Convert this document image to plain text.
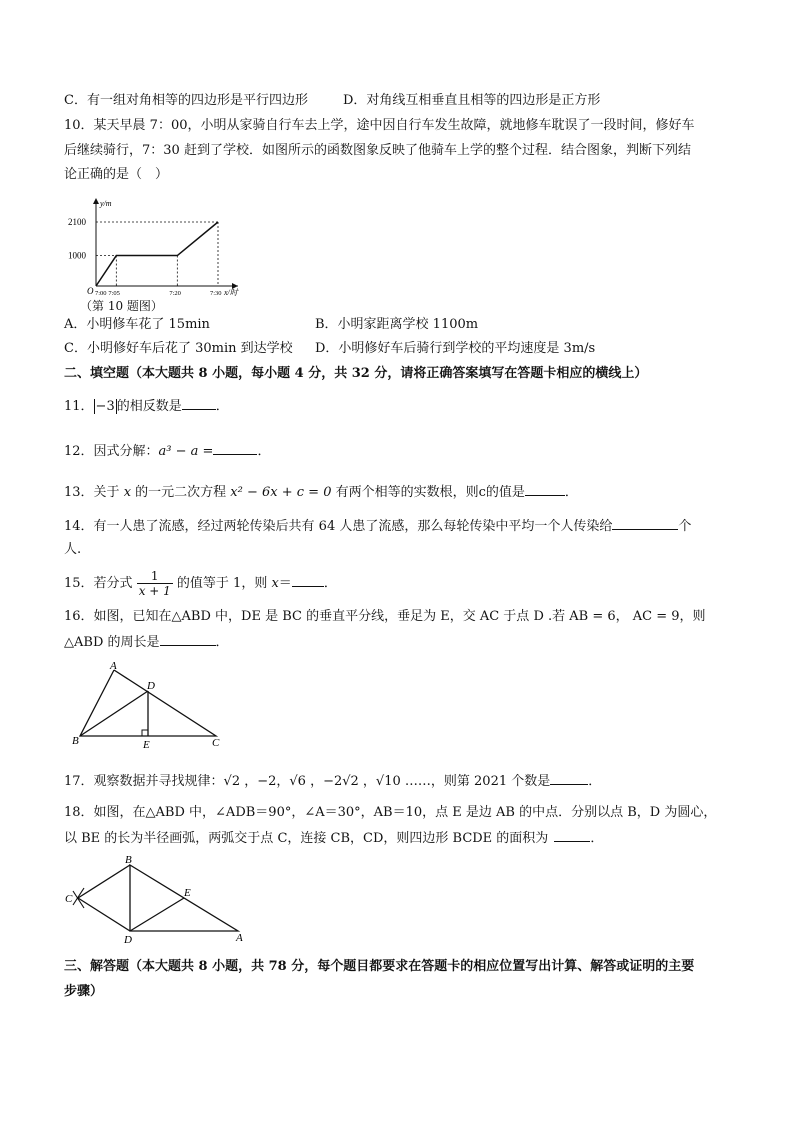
C．有一组对角相等的四边形是平行四边形	D．对角线互相垂直且相等的四边形是正方形
10．某天早晨 7：00，小明从家骑自行车去上学，途中因自行车发生故障，就地修车耽误了一段时间，修好车
后继续骑行，7：30 赶到了学校．如图所示的函数图象反映了他骑车上学的整个过程．结合图象，判断下列结
论正确的是（　）
y/m
x/时
O
1000
2100
7:00 7:05	7:20	7:30
（第 10 题图）
A．小明修车花了 15min	B．小明家距离学校 1100m
C．小明修好车后花了 30min 到达学校 D．小明修好车后骑行到学校的平均速度是 3m/s
二、填空题（本大题共 8 小题，每小题 4 分，共 32 分，请将正确答案填写在答题卡相应的横线上）
11． −3 的相反数是	．
12．因式分解：a³ − a =	．
13．关于 x 的一元二次方程 x² − 6x + c = 0 有两个相等的实数根，则c的值是	．
14．有一人患了流感，经过两轮传染后共有 64 人患了流感，那么每轮传染中平均一个人传染给	个
人.
15．若分式 $\frac{1}{x + 1}$ 的值等于 1，则 x＝ ．
16．如图，已知在△ABD 中，DE 是 BC 的垂直平分线，垂足为 E，交 AC 于点 D .若 AB = 6， AC = 9，则
△ABD 的周长是	．
A
B	C
D
E
17．观察数据并寻找规律：√2 ，−2，√6 ，−2√2 ，√10 ……，则第 2021 个数是	．
18．如图，在△ABD 中，∠ADB＝90°，∠A＝30°，AB＝10，点 E 是边 AB 的中点．分别以点 B，D 为圆心，
以 BE 的长为半径画弧，两弧交于点 C，连接 CB，CD，则四边形 BCDE 的面积为	．
B
C
D
E
A
三、解答题（本大题共 8 小题，共 78 分，每个题目都要求在答题卡的相应位置写出计算、解答或证明的主要
步骤）
